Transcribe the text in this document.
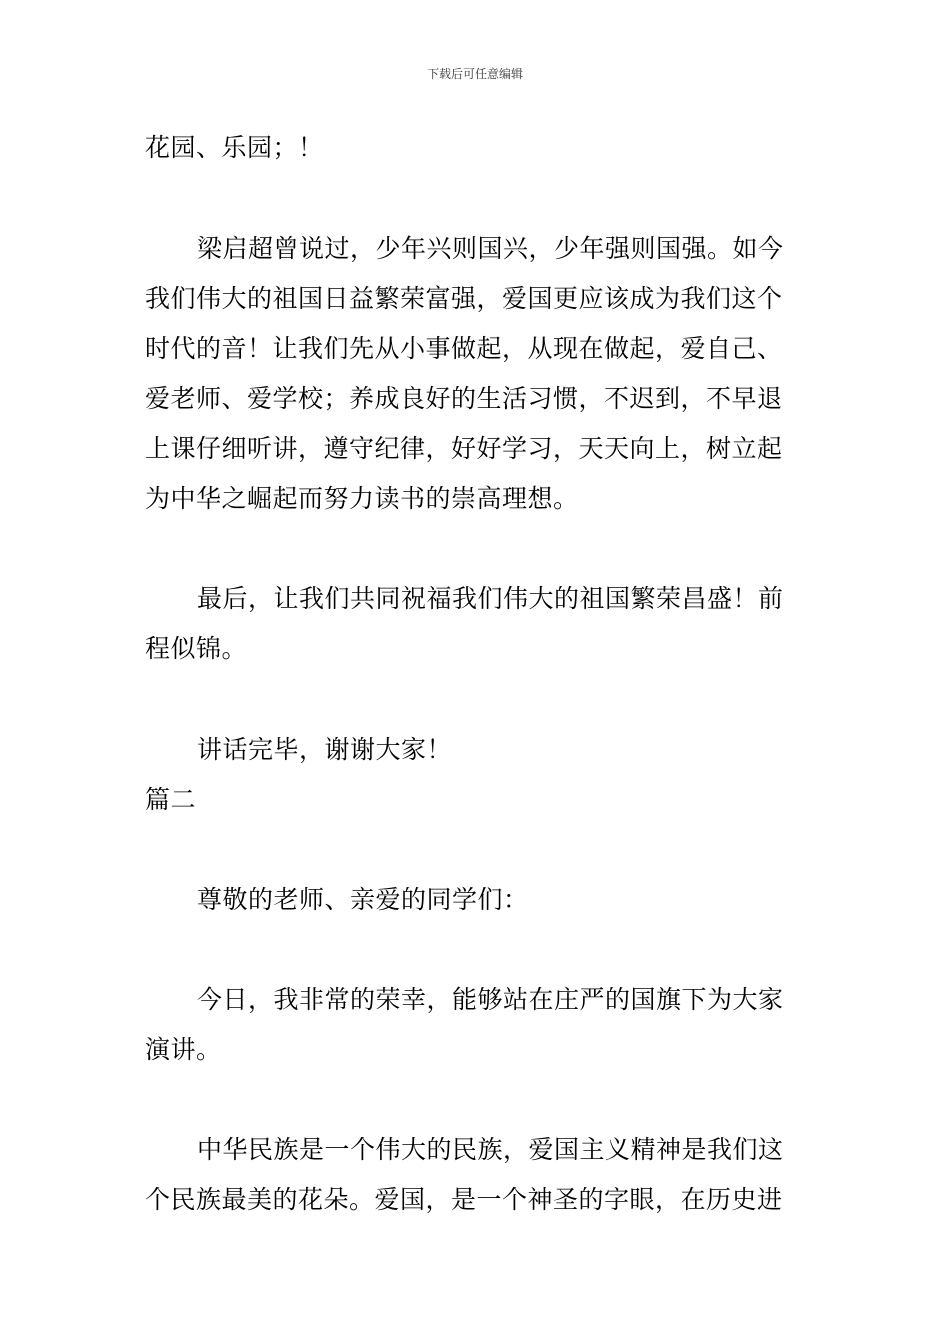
下载后可任意编辑
花园、乐园；！
梁启超曾说过，少年兴则国兴，少年强则国强。如今
我们伟大的祖国日益繁荣富强，爱国更应该成为我们这个
时代的音！让我们先从小事做起，从现在做起，爱自己、
爱老师、爱学校；养成良好的生活习惯，不迟到，不早退
上课仔细听讲，遵守纪律，好好学习，天天向上，树立起
为中华之崛起而努力读书的崇高理想。
最后，让我们共同祝福我们伟大的祖国繁荣昌盛！前
程似锦。
讲话完毕，谢谢大家！
篇二
尊敬的老师、亲爱的同学们：
今日，我非常的荣幸，能够站在庄严的国旗下为大家
演讲。
中华民族是一个伟大的民族，爱国主义精神是我们这
个民族最美的花朵。爱国，是一个神圣的字眼，在历史进
